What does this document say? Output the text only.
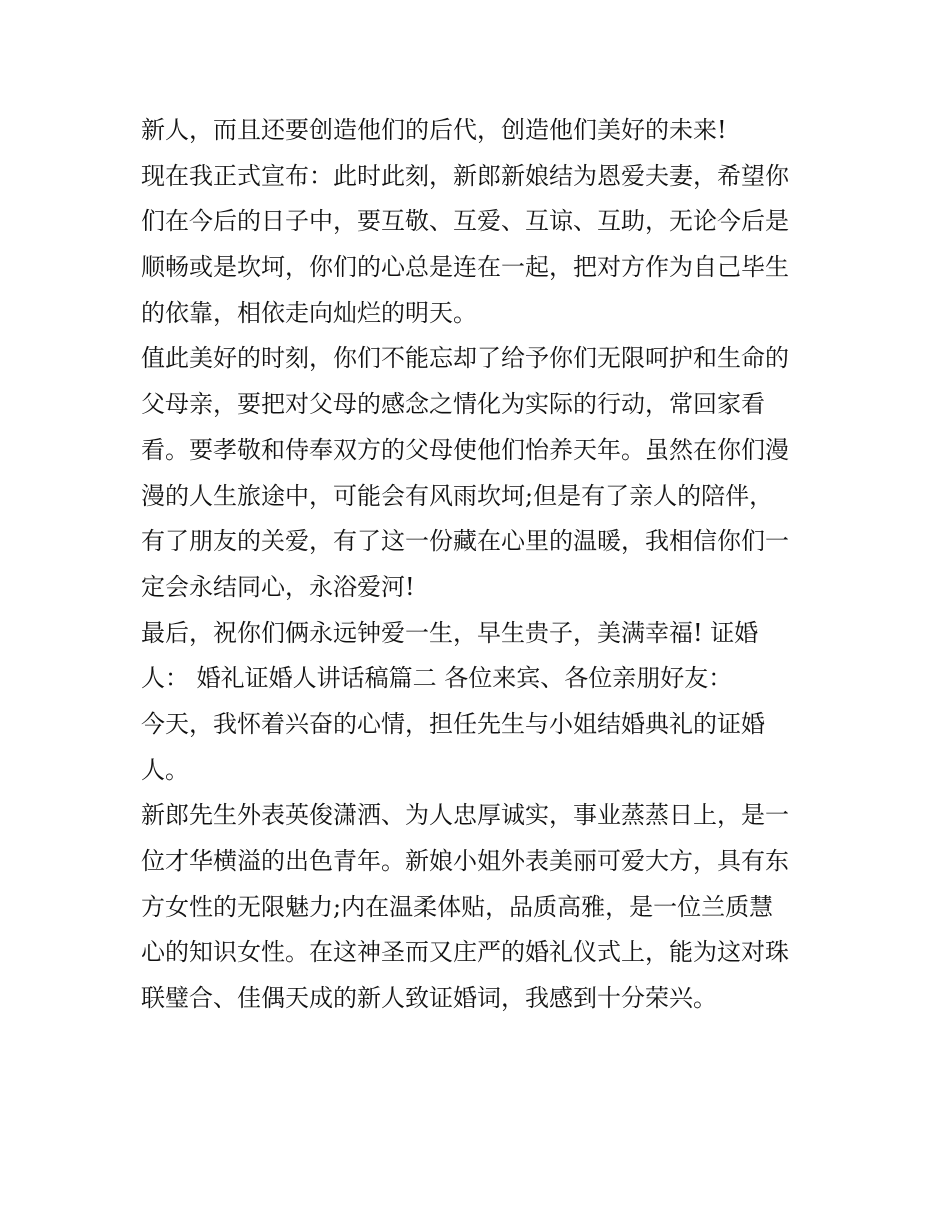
新人，而且还要创造他们的后代，创造他们美好的未来!
现在我正式宣布：此时此刻，新郎新娘结为恩爱夫妻，希望你
们在今后的日子中，要互敬、互爱、互谅、互助，无论今后是
顺畅或是坎坷，你们的心总是连在一起，把对方作为自己毕生
的依靠，相依走向灿烂的明天。
值此美好的时刻，你们不能忘却了给予你们无限呵护和生命的
父母亲，要把对父母的感念之情化为实际的行动，常回家看
看。要孝敬和侍奉双方的父母使他们怡养天年。虽然在你们漫
漫的人生旅途中，可能会有风雨坎坷;但是有了亲人的陪伴，
有了朋友的关爱，有了这一份藏在心里的温暖，我相信你们一
定会永结同心，永浴爱河!
最后，祝你们俩永远钟爱一生，早生贵子，美满幸福! 证婚
人： 婚礼证婚人讲话稿篇二 各位来宾、各位亲朋好友：
今天，我怀着兴奋的心情，担任先生与小姐结婚典礼的证婚
人。
新郎先生外表英俊潇洒、为人忠厚诚实，事业蒸蒸日上，是一
位才华横溢的出色青年。新娘小姐外表美丽可爱大方，具有东
方女性的无限魅力;内在温柔体贴，品质高雅，是一位兰质慧
心的知识女性。在这神圣而又庄严的婚礼仪式上，能为这对珠
联璧合、佳偶天成的新人致证婚词，我感到十分荣兴。
